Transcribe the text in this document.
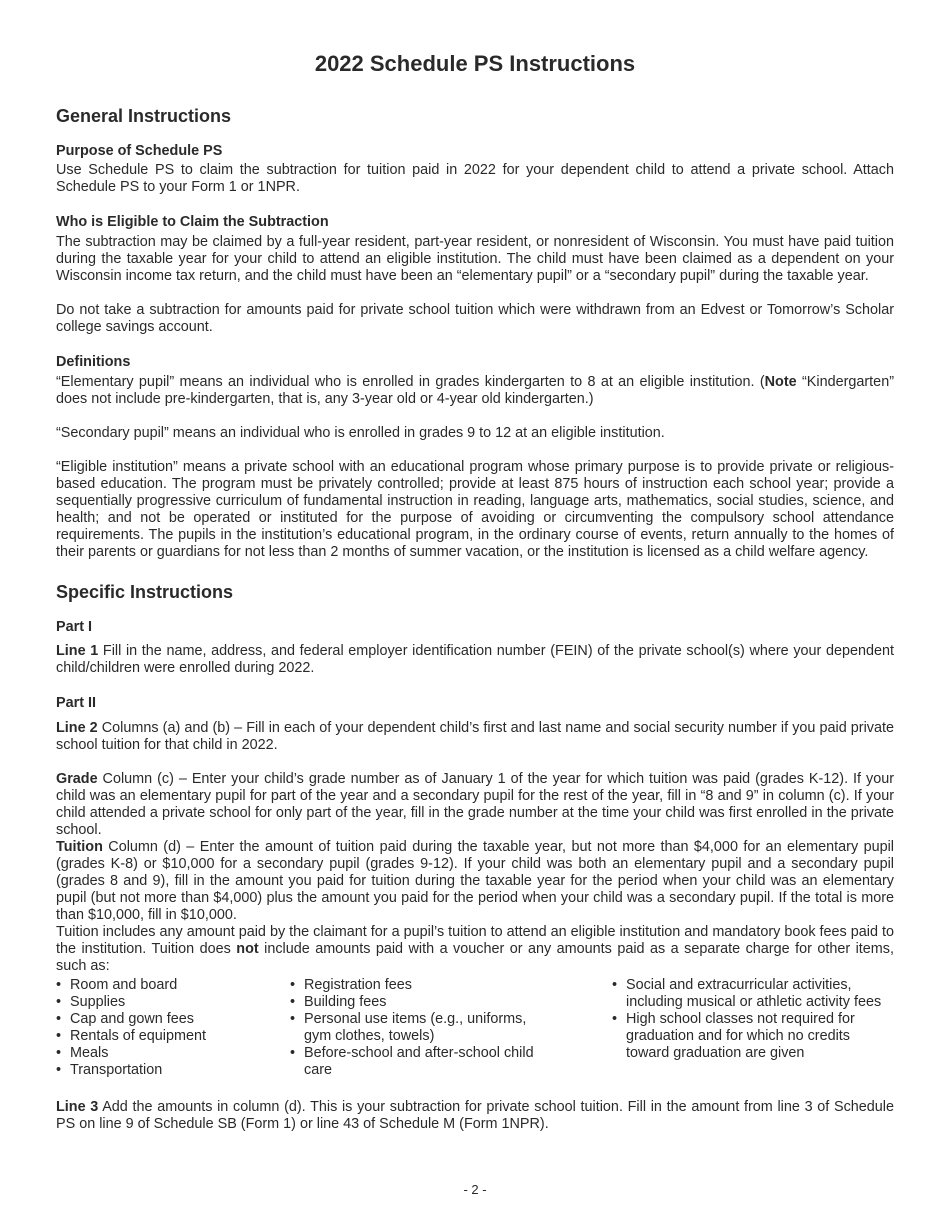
2022 Schedule PS Instructions
General Instructions
Purpose of Schedule PS

Use Schedule PS to claim the subtraction for tuition paid in 2022 for your dependent child to attend a private school. Attach Schedule PS to your Form 1 or 1NPR.

Who is Eligible to Claim the Subtraction

The subtraction may be claimed by a full-year resident, part-year resident, or nonresident of Wisconsin. You must have paid tuition during the taxable year for your child to attend an eligible institution. The child must have been claimed as a dependent on your Wisconsin income tax return, and the child must have been an “elementary pupil” or a “secondary pupil” during the taxable year.

Do not take a subtraction for amounts paid for private school tuition which were withdrawn from an Edvest or Tomorrow’s Scholar college savings account.

Definitions

“Elementary pupil” means an individual who is enrolled in grades kindergarten to 8 at an eligible institution. (Note “Kindergarten” does not include pre-kindergarten, that is, any 3-year old or 4-year old kindergarten.)

“Secondary pupil” means an individual who is enrolled in grades 9 to 12 at an eligible institution.

“Eligible institution” means a private school with an educational program whose primary purpose is to provide private or religious-based education. The program must be privately controlled; provide at least 875 hours of instruction each school year; provide a sequentially progressive curriculum of fundamental instruction in reading, language arts, mathematics, social studies, science, and health; and not be operated or instituted for the purpose of avoiding or circumventing the compulsory school attendance requirements. The pupils in the institution’s educational program, in the ordinary course of events, return annually to the homes of their parents or guardians for not less than 2 months of summer vacation, or the institution is licensed as a child welfare agency.

Specific Instructions
Part I

Line 1 Fill in the name, address, and federal employer identification number (FEIN) of the private school(s) where your dependent child/children were enrolled during 2022.

Part II

Line 2 Columns (a) and (b) – Fill in each of your dependent child’s first and last name and social security number if you paid private school tuition for that child in 2022.

Grade Column (c) – Enter your child’s grade number as of January 1 of the year for which tuition was paid (grades K-12). If your child was an elementary pupil for part of the year and a secondary pupil for the rest of the year, fill in “8 and 9” in column (c). If your child attended a private school for only part of the year, fill in the grade number at the time your child was first enrolled in the private school.

Tuition Column (d) – Enter the amount of tuition paid during the taxable year, but not more than $4,000 for an elementary pupil (grades K-8) or $10,000 for a secondary pupil (grades 9-12). If your child was both an elementary pupil and a secondary pupil (grades 8 and 9), fill in the amount you paid for tuition during the taxable year for the period when your child was an elementary pupil (but not more than $4,000) plus the amount you paid for the period when your child was a secondary pupil. If the total is more than $10,000, fill in $10,000.

Tuition includes any amount paid by the claimant for a pupil’s tuition to attend an eligible institution and mandatory book fees paid to the institution. Tuition does not include amounts paid with a voucher or any amounts paid as a separate charge for other items, such as:

• Room and board
• Supplies
• Cap and gown fees
• Rentals of equipment
• Meals
• Transportation
• Registration fees
• Building fees
• Personal use items (e.g., uniforms, gym clothes, towels)
• Before-school and after-school child care
• Social and extracurricular activities, including musical or athletic activity fees
• High school classes not required for graduation and for which no credits toward graduation are given

Line 3 Add the amounts in column (d). This is your subtraction for private school tuition. Fill in the amount from line 3 of Schedule PS on line 9 of Schedule SB (Form 1) or line 43 of Schedule M (Form 1NPR).

- 2 -
